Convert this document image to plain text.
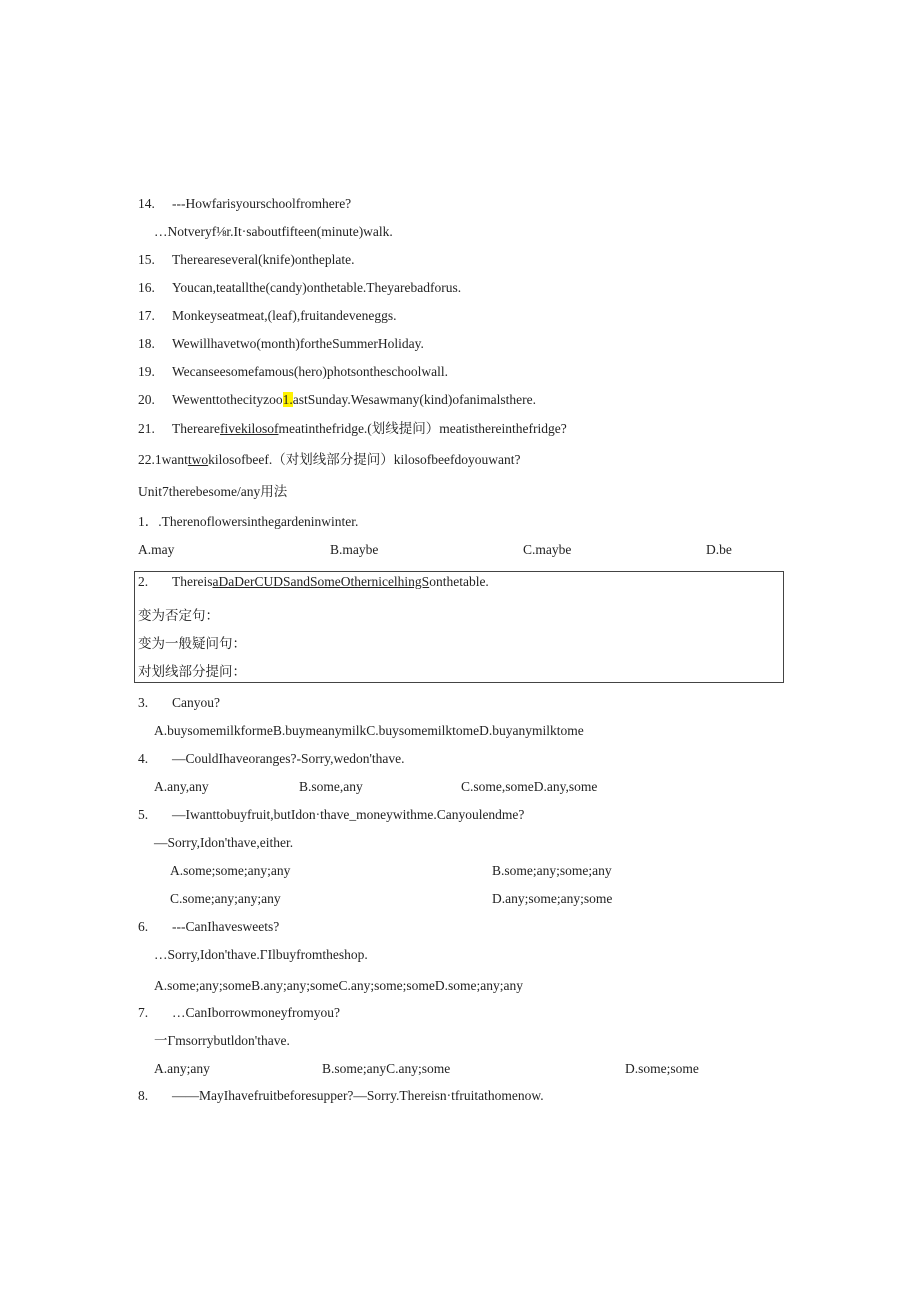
14. ---Howfarisyourschoolfromhere?
…Notveryf⅛r.It·saboutfifteen(minute)walk.
15. Thereareseveral(knife)ontheplate.
16. Youcan,teatallthe(candy)onthetable.Theyarebadforus.
17. Monkeyseatmeat,(leaf),fruitandeveneggs.
18. Wewillhavetwo(month)fortheSummerHoliday.
19. Wecanseesomefamous(hero)photsontheschoolwall.
20. Wewenttothecityzoo1.astSunday.Wesawmany(kind)ofanimalsthere.
21. Therearefivekilosofmeatinthefridge.(划线提问）meatisthereinthefridge?
22.1wanttwokilosofbeef.（对划线部分提问）kilosofbeefdoyouwant?
Unit7therebesome/any用法
1．.Therenoflowersinthegardeninwinter.
A.may	B.maybe	C.maybe	D.be
2. ThereisaDaDerCUDSandSomeOthernicelhingSonthetable.
变为否定句：
变为一般疑问句：
对划线部分提问：
3. Canyou?
A.buysomemilkformeB.buymeanymilkC.buysomemilktomeD.buyanymilktome
4. —CouldIhaveoranges?-Sorry,wedon'thave.
A.any,any	B.some,any	C.some,someD.any,some
5. —Iwanttobuyfruit,butIdon·thave_moneywithme.Canyoulendme?
—Sorry,Idon'thave,either.
A.some;some;any;any	B.some;any;some;any
C.some;any;any;any	D.any;some;any;some
6. ---CanIhavesweets?
…Sorry,Idon'thave.ΓIlbuyfromtheshop.
A.some;any;someB.any;any;someC.any;some;someD.some;any;any
7. …CanIborrowmoneyfromyou?
一Γmsorrybutldon'thave.
A.any;any	B.some;anyC.any;some	D.some;some
8. ——MayIhavefruitbeforesupper?—Sorry.Thereisn·tfruitathomenow.
